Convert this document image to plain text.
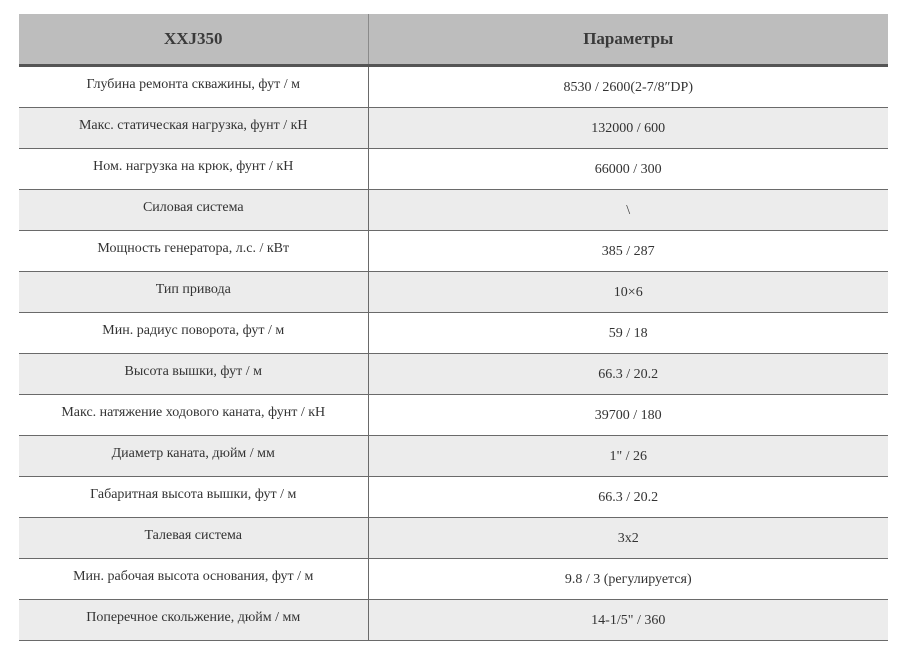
XXJ350	Параметры
Глубина ремонта скважины, фут / м	8530 / 2600(2-7/8″DP)
Макс. статическая нагрузка, фунт / кН	132000 / 600
Ном. нагрузка на крюк, фунт / кН	66000 / 300
Силовая система	\
Мощность генератора, л.с. / кВт	385 / 287
Тип привода	10×6
Мин. радиус поворота, фут / м	59 / 18
Высота вышки, фут / м	66.3 / 20.2
Макс. натяжение ходового каната, фунт / кН	39700 / 180
Диаметр каната, дюйм / мм	1" / 26
Габаритная высота вышки, фут / м	66.3 / 20.2
Талевая система	3x2
Мин. рабочая высота основания, фут / м	9.8 / 3 (регулируется)
Поперечное скольжение, дюйм / мм	14-1/5" / 360
